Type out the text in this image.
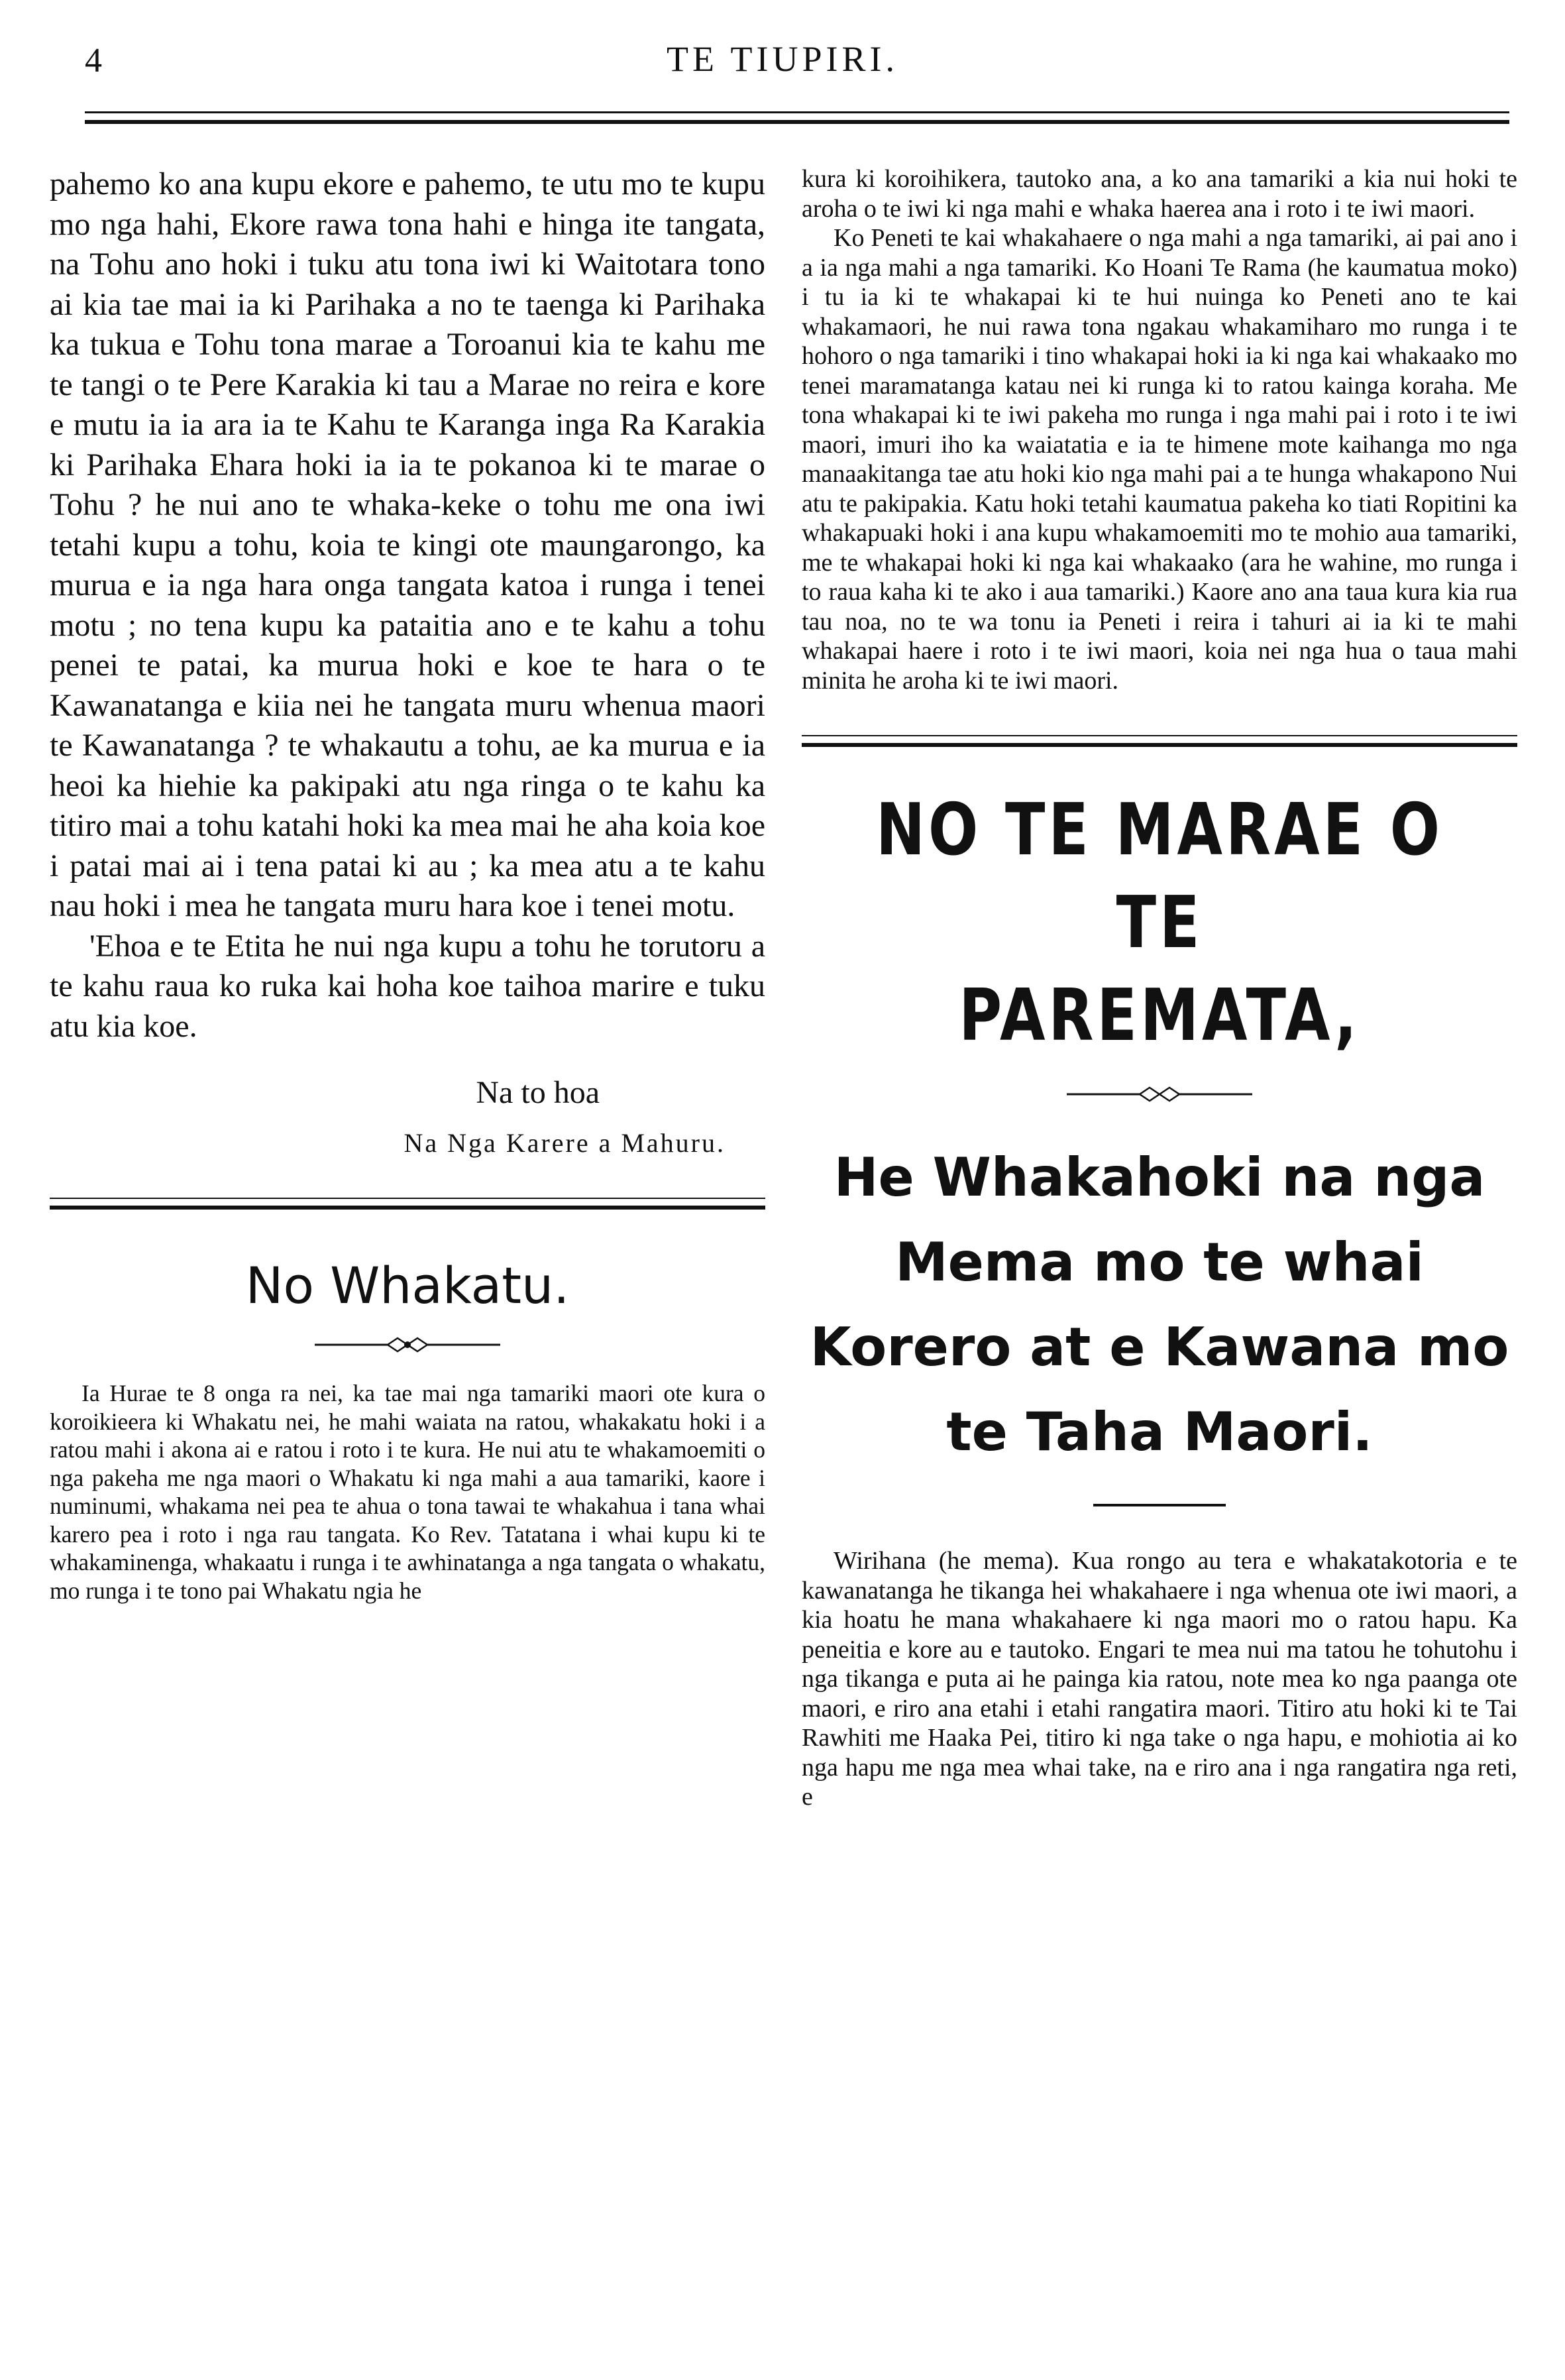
4	TE TIUPIRI.

pahemo ko ana kupu ekore e pahemo, te utu mo te kupu mo nga hahi, Ekore rawa tona hahi e hinga ite tangata, na Tohu ano hoki i tuku atu tona iwi ki Waitotara tono ai kia tae mai ia ki Parihaka a no te taenga ki Parihaka ka tukua e Tohu tona marae a Toroanui kia te kahu me te tangi o te Pere Karakia ki tau a Marae no reira e kore e mutu ia ia ara ia te Kahu te Karanga inga Ra Karakia ki Parihaka Ehara hoki ia ia te pokanoa ki te marae o Tohu ? he nui ano te whaka-keke o tohu me ona iwi tetahi kupu a tohu, koia te kingi ote maungarongo, ka murua e ia nga hara onga tangata katoa i runga i tenei motu ; no tena kupu ka pataitia ano e te kahu a tohu penei te patai, ka murua hoki e koe te hara o te Kawanatanga e kiia nei he tangata muru whenua maori te Kawanatanga ? te whakautu a tohu, ae ka murua e ia heoi ka hiehie ka pakipaki atu nga ringa o te kahu ka titiro mai a tohu katahi hoki ka mea mai he aha koia koe i patai mai ai i tena patai ki au ; ka mea atu a te kahu nau hoki i mea he tangata muru hara koe i tenei motu.

'Ehoa e te Etita he nui nga kupu a tohu he torutoru a te kahu raua ko ruka kai hoha koe taihoa marire e tuku atu kia koe.

Na to hoa
Na Nga Karere a Mahuru.
No Whakatu.

Ia Hurae te 8 onga ra nei, ka tae mai nga tamariki maori ote kura o koroikieera ki Whakatu nei, he mahi waiata na ratou, whakakatu hoki i a ratou mahi i akona ai e ratou i roto i te kura. He nui atu te whakamoemiti o nga pakeha me nga maori o Whakatu ki nga mahi a aua tamariki, kaore i numinumi, whakama nei pea te ahua o tona tawai te whakahua i tana whai karero pea i roto i nga rau tangata. Ko Rev. Tatatana i whai kupu ki te whakaminenga, whakaatu i runga i te awhinatanga a nga tangata o whakatu, mo runga i te tono pai Whakatu ngia he

kura ki koroihikera, tautoko ana, a ko ana tamariki a kia nui hoki te aroha o te iwi ki nga mahi e whaka haerea ana i roto i te iwi maori.

Ko Peneti te kai whakahaere o nga mahi a nga tamariki, ai pai ano i a ia nga mahi a nga tamariki. Ko Hoani Te Rama (he kaumatua moko) i tu ia ki te whakapai ki te hui nuinga ko Peneti ano te kai whakamaori, he nui rawa tona ngakau whakamiharo mo runga i te hohoro o nga tamariki i tino whakapai hoki ia ki nga kai whakaako mo tenei maramatanga katau nei ki runga ki to ratou kainga koraha. Me tona whakapai ki te iwi pakeha mo runga i nga mahi pai i roto i te iwi maori, imuri iho ka waiatatia e ia te himene mote kaihanga mo nga manaakitanga tae atu hoki kio nga mahi pai a te hunga whakapono Nui atu te pakipakia. Katu hoki tetahi kaumatua pakeha ko tiati Ropitini ka whakapuaki hoki i ana kupu whakamoemiti mo te mohio aua tamariki, me te whakapai hoki ki nga kai whakaako (ara he wahine, mo runga i to raua kaha ki te ako i aua tamariki.) Kaore ano ana taua kura kia rua tau noa, no te wa tonu ia Peneti i reira i tahuri ai ia ki te mahi whakapai haere i roto i te iwi maori, koia nei nga hua o taua mahi minita he aroha ki te iwi maori.

NO TE MARAE O TE
PAREMATA,
He Whakahoki na nga
Mema mo te whai
Korero at e Kawana mo
te Taha Maori.

Wirihana (he mema). Kua rongo au tera e whakatakotoria e te kawanatanga he tikanga hei whakahaere i nga whenua ote iwi maori, a kia hoatu he mana whakahaere ki nga maori mo o ratou hapu. Ka peneitia e kore au e tautoko. Engari te mea nui ma tatou he tohutohu i nga tikanga e puta ai he painga kia ratou, note mea ko nga paanga ote maori, e riro ana etahi i etahi rangatira maori. Titiro atu hoki ki te Tai Rawhiti me Haaka Pei, titiro ki nga take o nga hapu, e mohiotia ai ko nga hapu me nga mea whai take, na e riro ana i nga rangatira nga reti, e
